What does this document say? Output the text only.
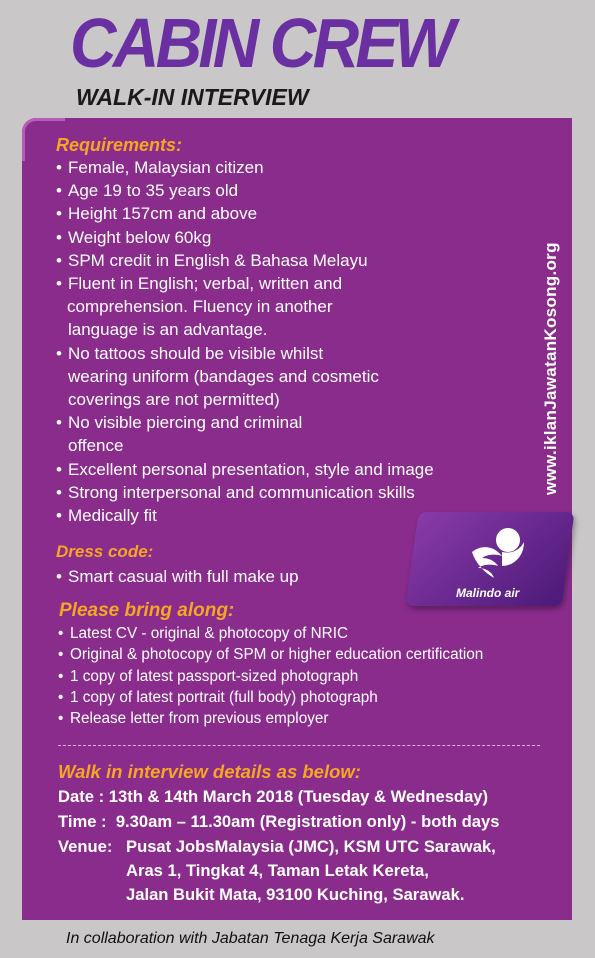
CABIN CREW
WALK-IN INTERVIEW
Requirements:
• Female, Malaysian citizen
• Age 19 to 35 years old
• Height 157cm and above
• Weight below 60kg
• SPM credit in English & Bahasa Melayu
• Fluent in English; verbal, written and
comprehension. Fluency in another
language is an advantage.
• No tattoos should be visible whilst
wearing uniform (bandages and cosmetic
coverings are not permitted)
• No visible piercing and criminal
offence
• Excellent personal presentation, style and image
• Strong interpersonal and communication skills
• Medically fit
Dress code:
• Smart casual with full make up
Please bring along:
• Latest CV - original & photocopy of NRIC
• Original & photocopy of SPM or higher education certification
• 1 copy of latest passport-sized photograph
• 1 copy of latest portrait (full body) photograph
• Release letter from previous employer
Walk in interview details as below:
Date : 13th & 14th March 2018 (Tuesday & Wednesday)
Time : 9.30am – 11.30am (Registration only) - both days
Venue: Pusat JobsMalaysia (JMC), KSM UTC Sarawak,
Aras 1, Tingkat 4, Taman Letak Kereta,
Jalan Bukit Mata, 93100 Kuching, Sarawak.
Malindo air
www.iklanJawatanKosong.org
In collaboration with Jabatan Tenaga Kerja Sarawak
